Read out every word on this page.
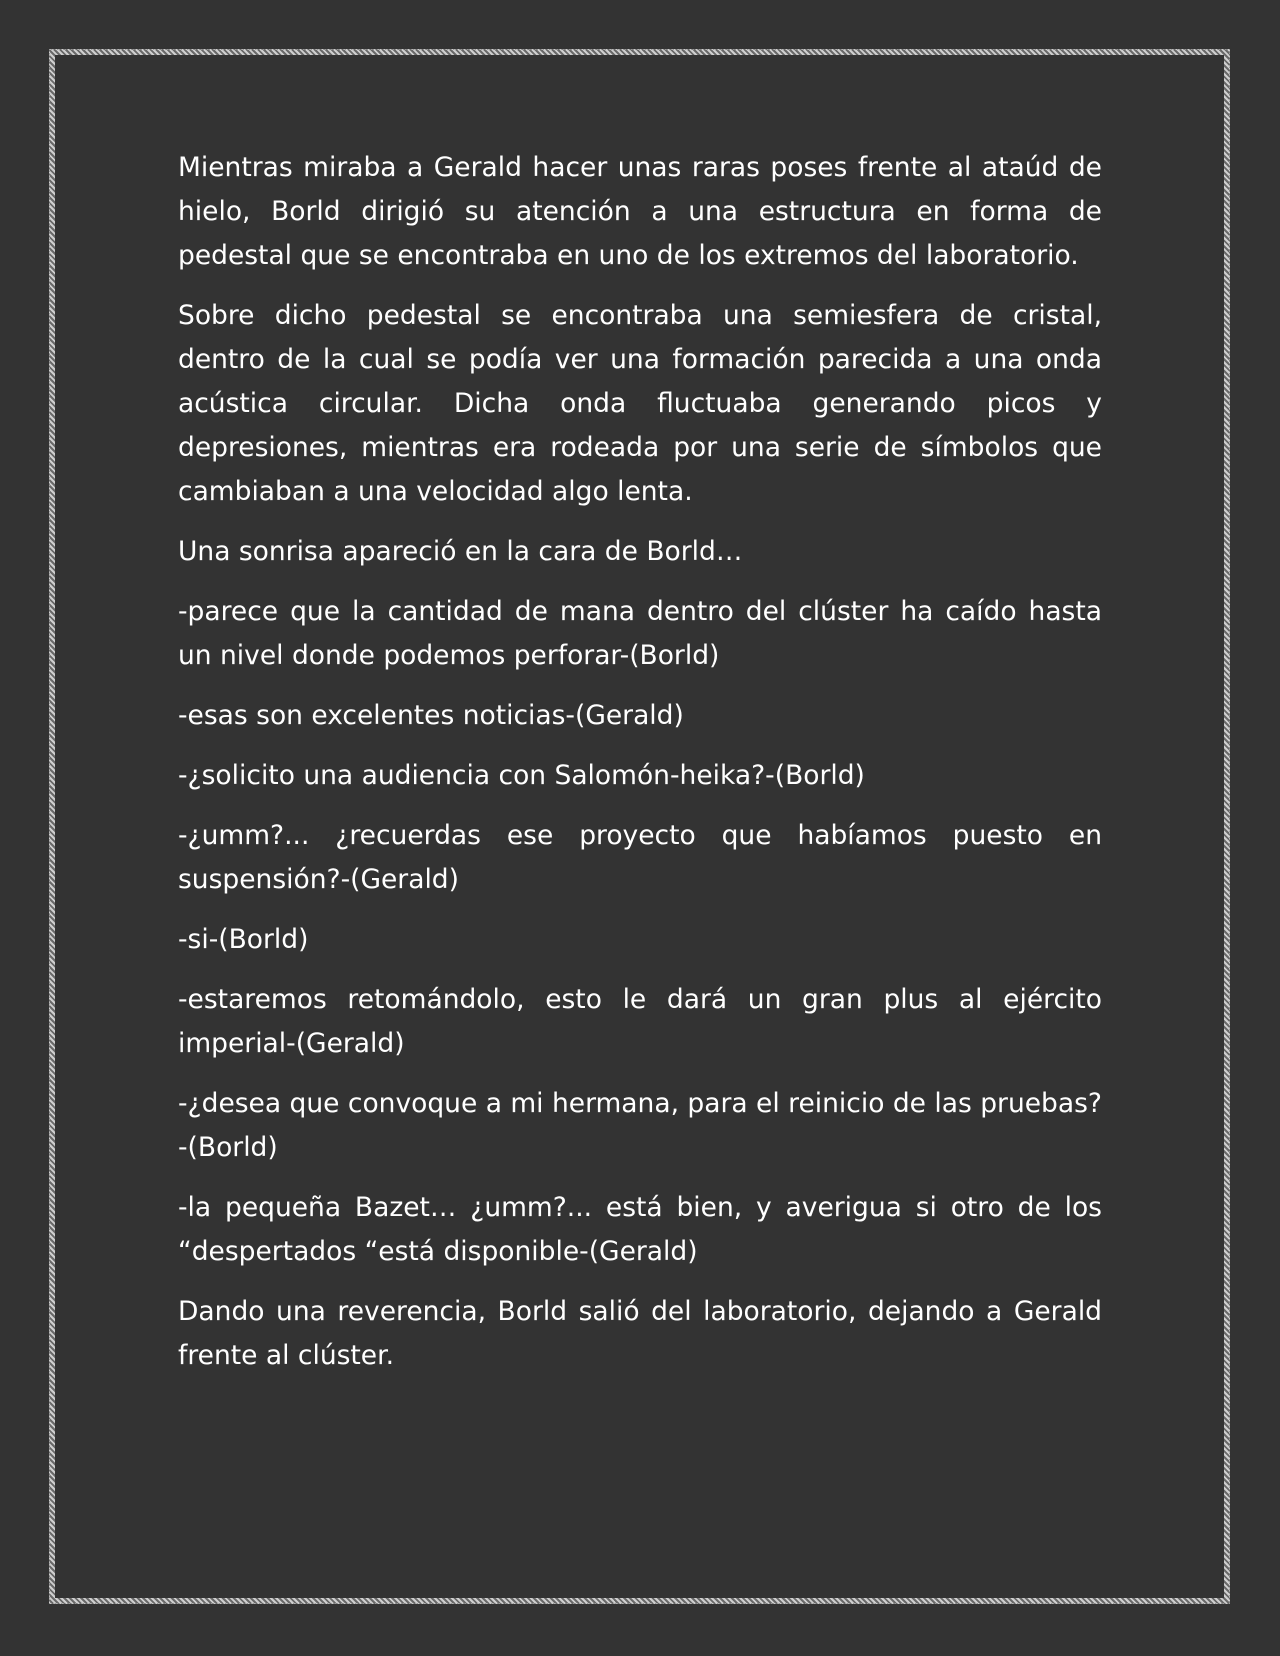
Mientras miraba a Gerald hacer unas raras poses frente al ataúd de hielo, Borld dirigió su atención a una estructura en forma de pedestal que se encontraba en uno de los extremos del laboratorio.

Sobre dicho pedestal se encontraba una semiesfera de cristal, dentro de la cual se podía ver una formación parecida a una onda acústica circular. Dicha onda fluctuaba generando picos y depresiones, mientras era rodeada por una serie de símbolos que cambiaban a una velocidad algo lenta.

Una sonrisa apareció en la cara de Borld…

-parece que la cantidad de mana dentro del clúster ha caído hasta un nivel donde podemos perforar-(Borld)

-esas son excelentes noticias-(Gerald)

-¿solicito una audiencia con Salomón-heika?-(Borld)

-¿umm?... ¿recuerdas ese proyecto que habíamos puesto en suspensión?-(Gerald)

-si-(Borld)

-estaremos retomándolo, esto le dará un gran plus al ejército imperial-(Gerald)

-¿desea que convoque a mi hermana, para el reinicio de las pruebas?-(Borld)

-la pequeña Bazet… ¿umm?... está bien, y averigua si otro de los “despertados “está disponible-(Gerald)

Dando una reverencia, Borld salió del laboratorio, dejando a Gerald frente al clúster.
